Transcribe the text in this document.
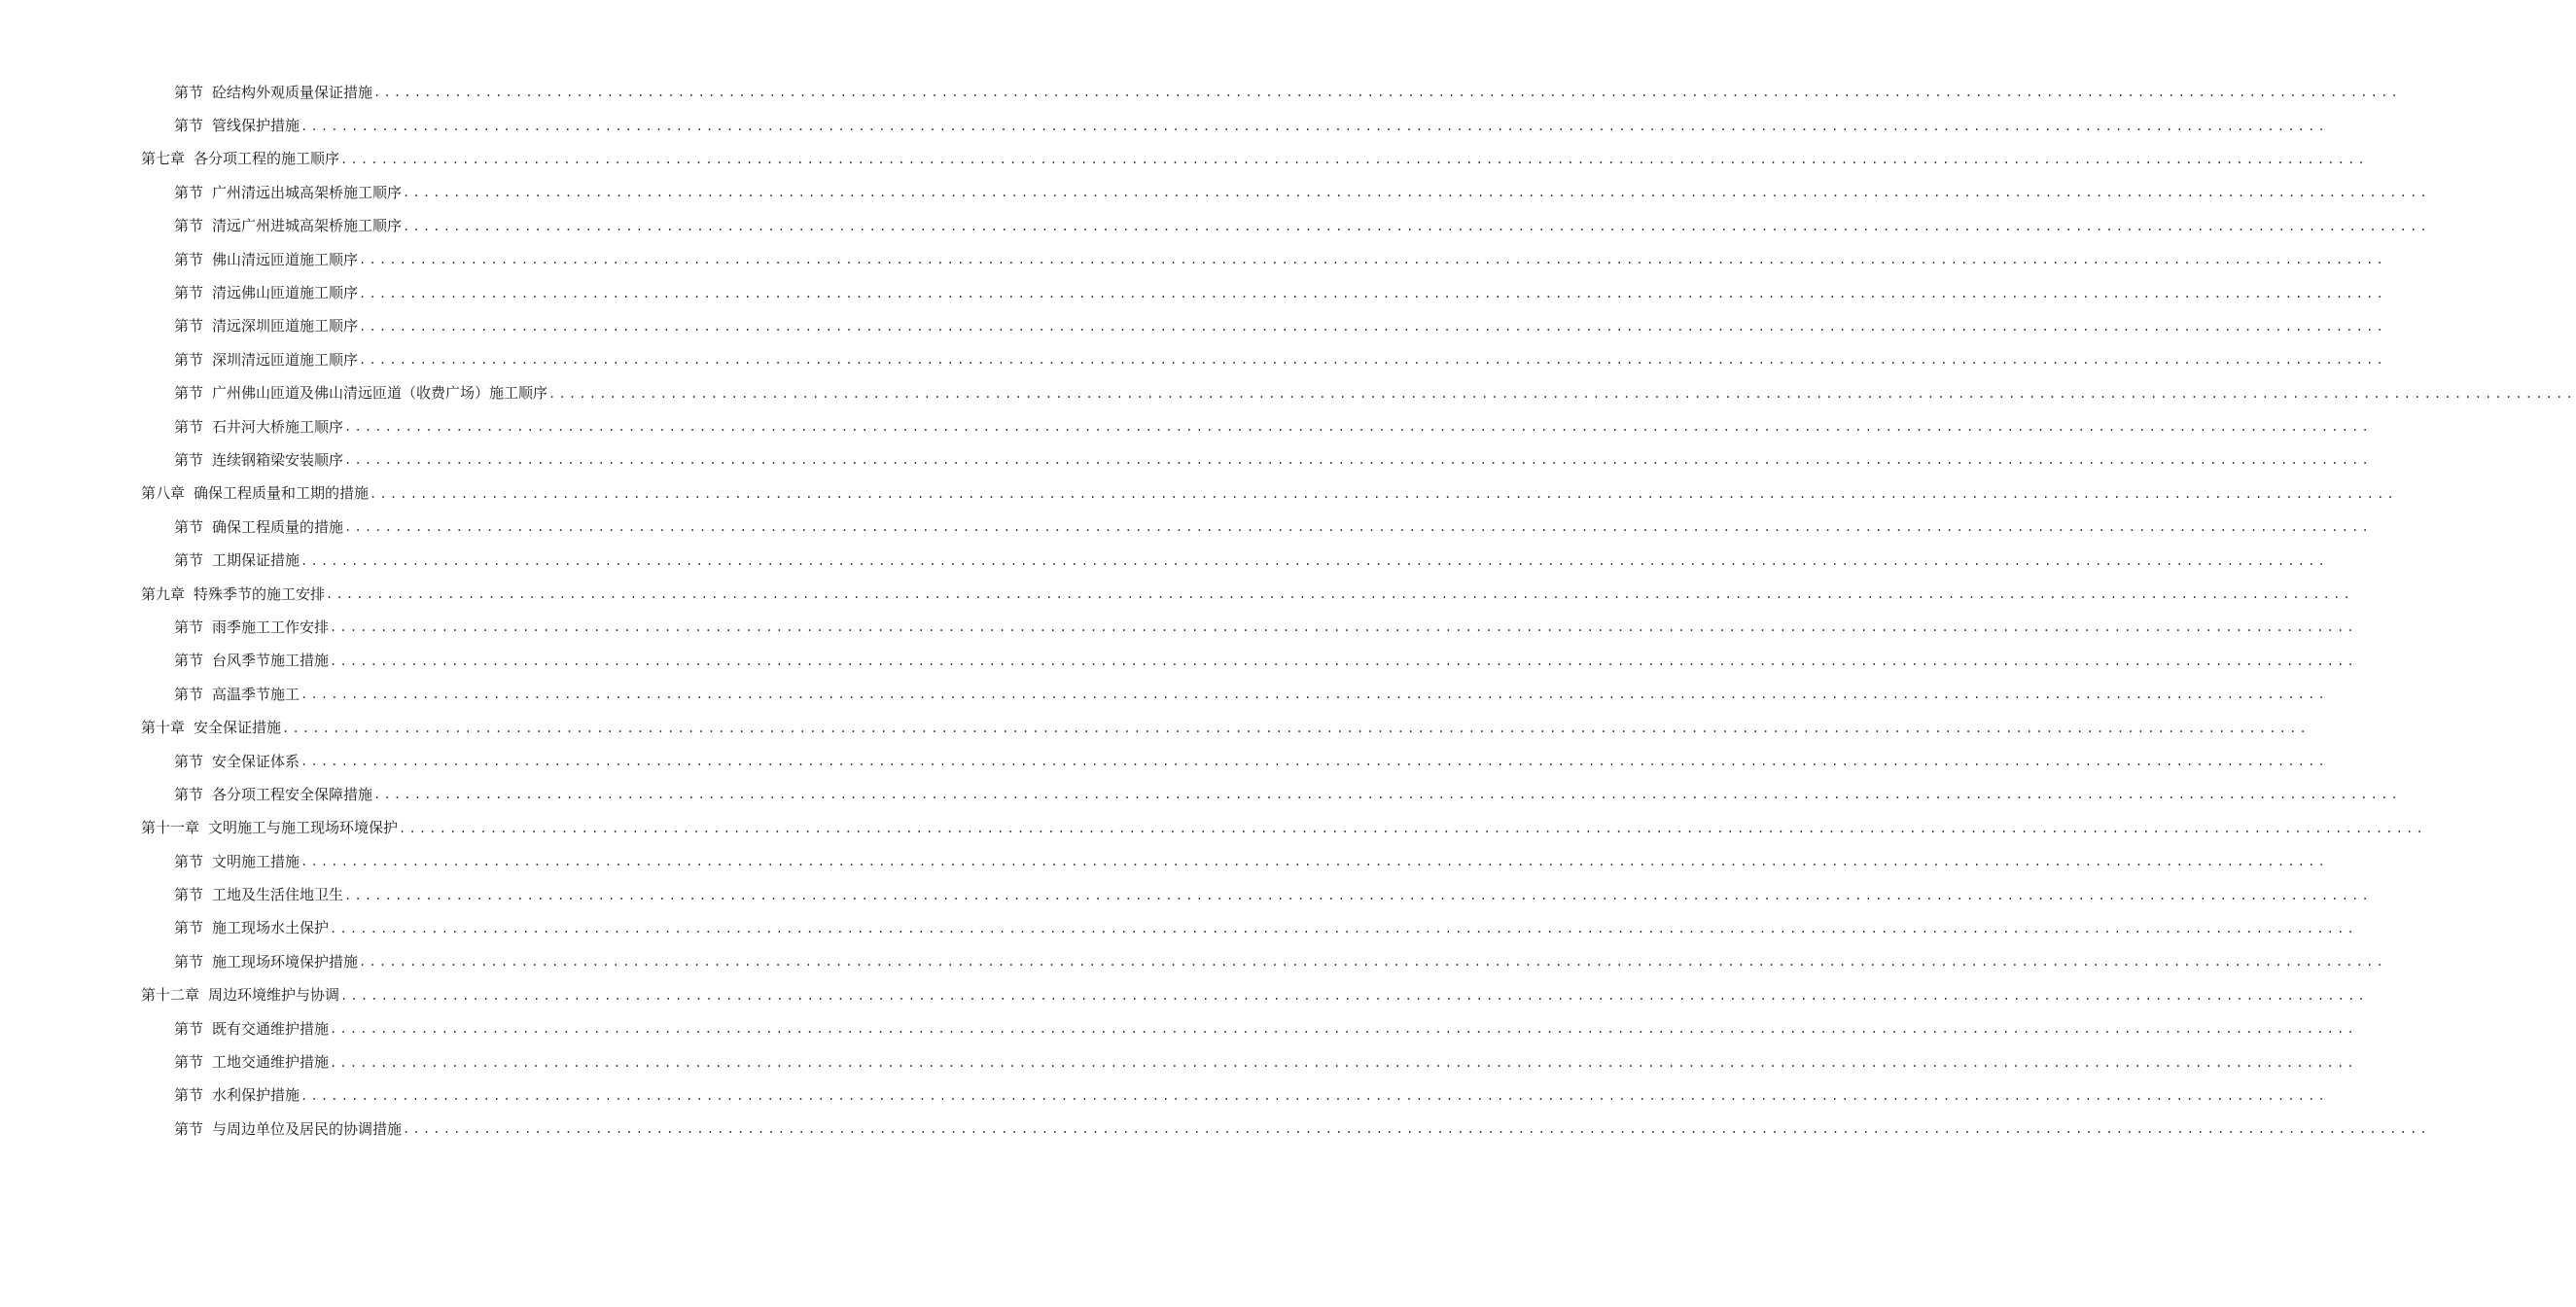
第节 砼结构外观质量保证措施 ........................................................................................................................................................................................................
第节 管线保护措施 ........................................................................................................................................................................................................
第七章 各分项工程的施工顺序 ........................................................................................................................................................................................................
第节 广州清远出城高架桥施工顺序 ........................................................................................................................................................................................................
第节 清远广州进城高架桥施工顺序 ........................................................................................................................................................................................................
第节 佛山清远匝道施工顺序 ........................................................................................................................................................................................................
第节 清远佛山匝道施工顺序 ........................................................................................................................................................................................................
第节 清远深圳匝道施工顺序 ........................................................................................................................................................................................................
第节 深圳清远匝道施工顺序 ........................................................................................................................................................................................................
第节 广州佛山匝道及佛山清远匝道（收费广场）施工顺序 ........................................................................................................................................................................................................
第节 石井河大桥施工顺序 ........................................................................................................................................................................................................
第节 连续钢箱梁安装顺序 ........................................................................................................................................................................................................
第八章 确保工程质量和工期的措施 ........................................................................................................................................................................................................
第节 确保工程质量的措施 ........................................................................................................................................................................................................
第节 工期保证措施 ........................................................................................................................................................................................................
第九章 特殊季节的施工安排 ........................................................................................................................................................................................................
第节 雨季施工工作安排 ........................................................................................................................................................................................................
第节 台风季节施工措施 ........................................................................................................................................................................................................
第节 高温季节施工 ........................................................................................................................................................................................................
第十章 安全保证措施 ........................................................................................................................................................................................................
第节 安全保证体系 ........................................................................................................................................................................................................
第节 各分项工程安全保障措施 ........................................................................................................................................................................................................
第十一章 文明施工与施工现场环境保护 ........................................................................................................................................................................................................
第节 文明施工措施 ........................................................................................................................................................................................................
第节 工地及生活住地卫生 ........................................................................................................................................................................................................
第节 施工现场水土保护 ........................................................................................................................................................................................................
第节 施工现场环境保护措施 ........................................................................................................................................................................................................
第十二章 周边环境维护与协调 ........................................................................................................................................................................................................
第节 既有交通维护措施 ........................................................................................................................................................................................................
第节 工地交通维护措施 ........................................................................................................................................................................................................
第节 水利保护措施 ........................................................................................................................................................................................................
第节 与周边单位及居民的协调措施 ........................................................................................................................................................................................................
